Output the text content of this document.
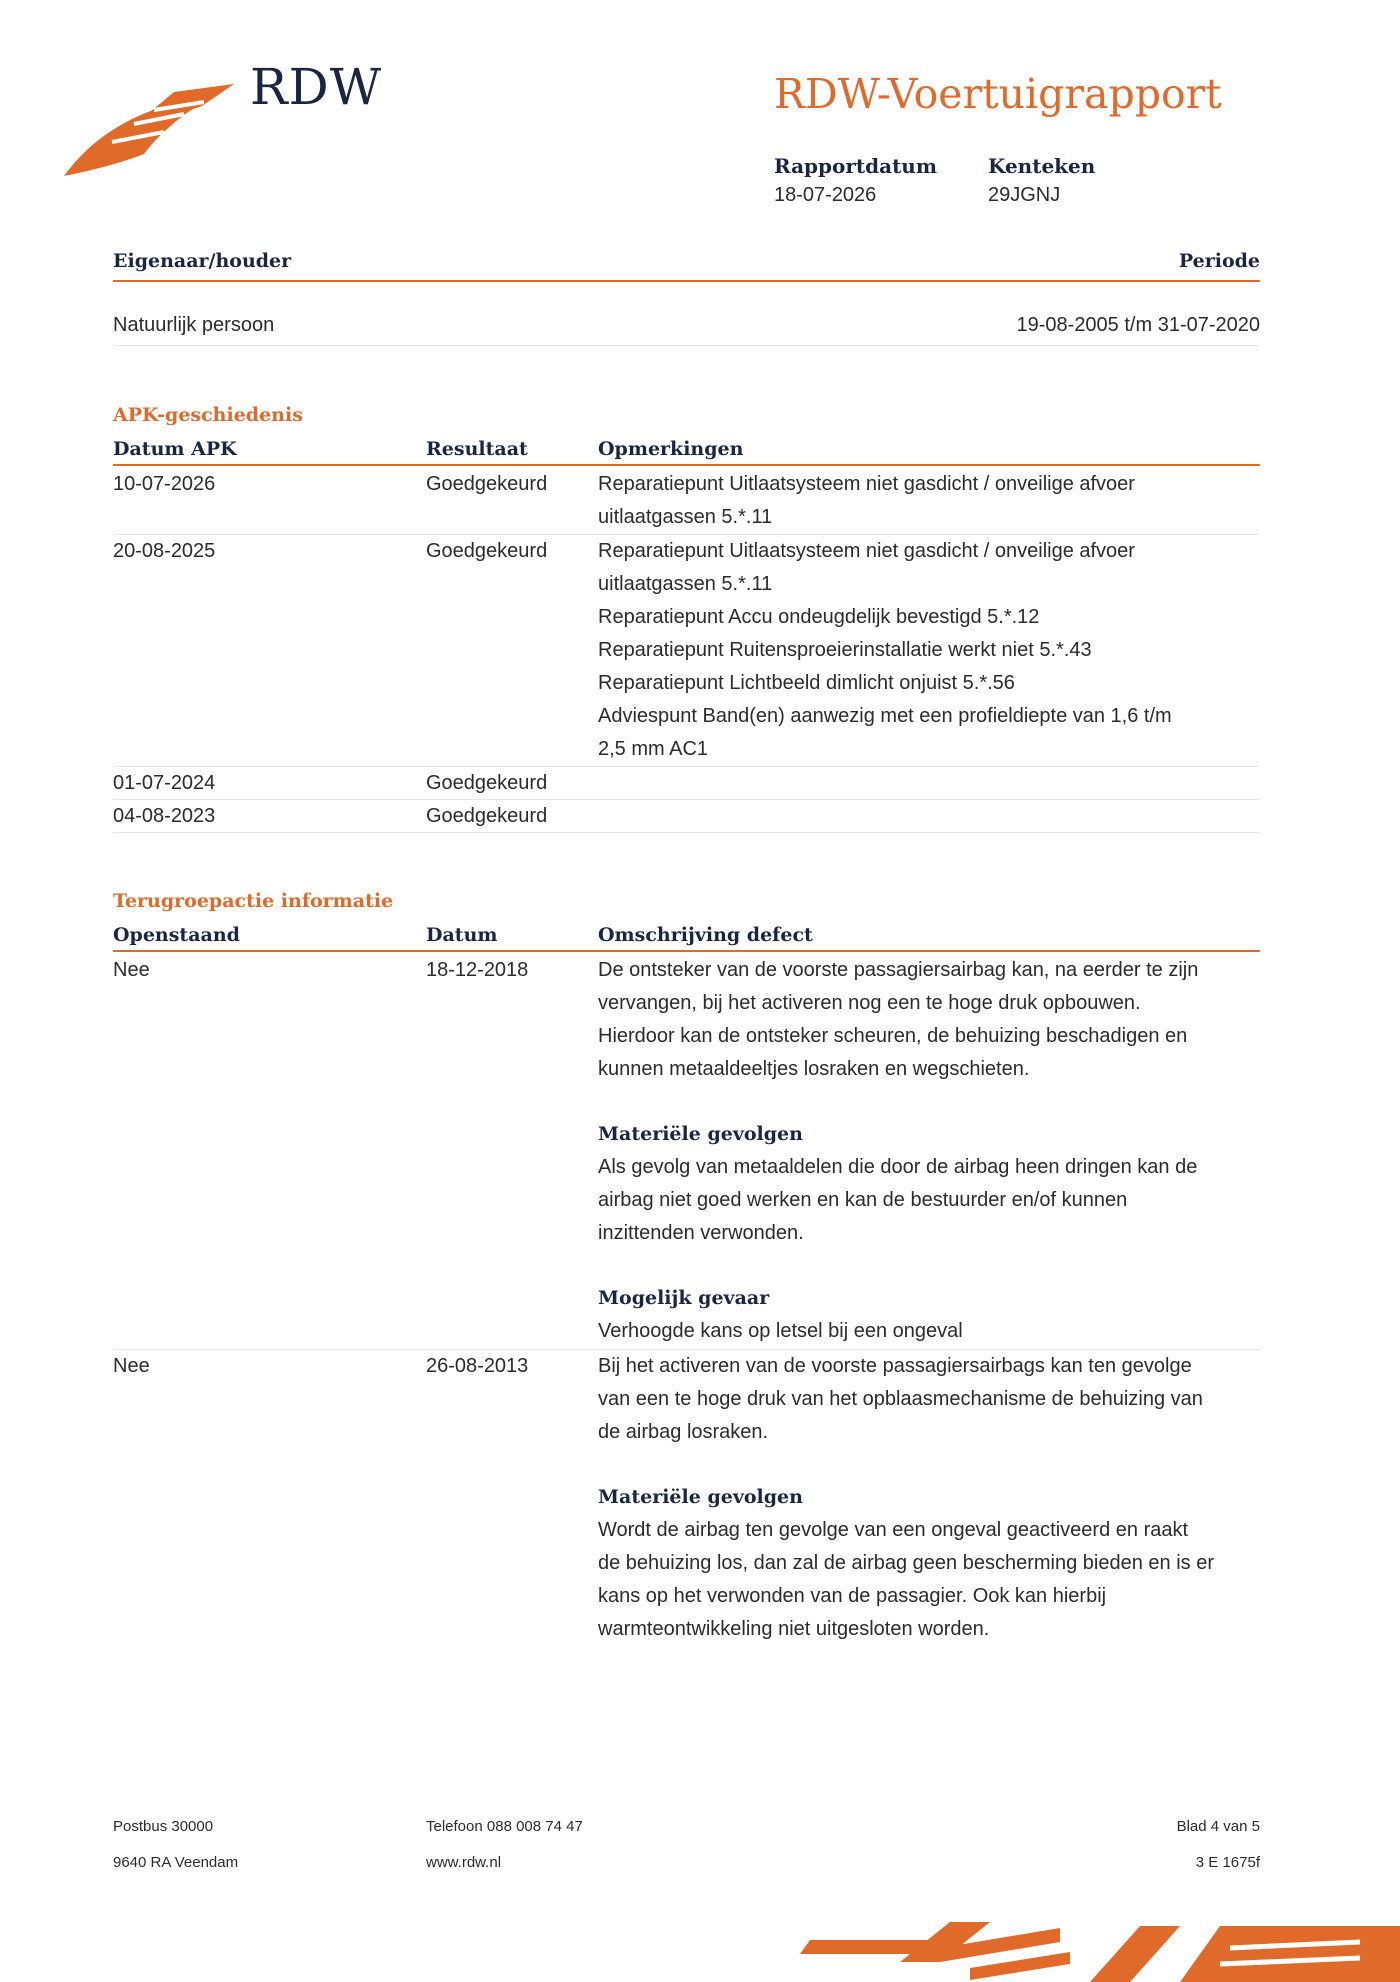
RDW	RDW-Voertuigrapport
Rapportdatum
18-07-2026
Kenteken
29JGNJ
Eigenaar/houder	Periode
Natuurlijk persoon	19-08-2005 t/m 31-07-2020
APK-geschiedenis
Datum APK	Resultaat	Opmerkingen
10-07-2026	Goedgekeurd	Reparatiepunt Uitlaatsysteem niet gasdicht / onveilige afvoer
uitlaatgassen 5.*.11
20-08-2025	Goedgekeurd	Reparatiepunt Uitlaatsysteem niet gasdicht / onveilige afvoer
uitlaatgassen 5.*.11
Reparatiepunt Accu ondeugdelijk bevestigd 5.*.12
Reparatiepunt Ruitensproeierinstallatie werkt niet 5.*.43
Reparatiepunt Lichtbeeld dimlicht onjuist 5.*.56
Adviespunt Band(en) aanwezig met een profieldiepte van 1,6 t/m
2,5 mm AC1
01-07-2024	Goedgekeurd
04-08-2023	Goedgekeurd
Terugroepactie informatie
Openstaand	Datum	Omschrijving defect
Nee	18-12-2018	De ontsteker van de voorste passagiersairbag kan, na eerder te zijn
vervangen, bij het activeren nog een te hoge druk opbouwen.
Hierdoor kan de ontsteker scheuren, de behuizing beschadigen en
kunnen metaaldeeltjes losraken en wegschieten.
Materiële gevolgen
Als gevolg van metaaldelen die door de airbag heen dringen kan de
airbag niet goed werken en kan de bestuurder en/of kunnen
inzittenden verwonden.
Mogelijk gevaar
Verhoogde kans op letsel bij een ongeval
Nee	26-08-2013	Bij het activeren van de voorste passagiersairbags kan ten gevolge
van een te hoge druk van het opblaasmechanisme de behuizing van
de airbag losraken.
Materiële gevolgen
Wordt de airbag ten gevolge van een ongeval geactiveerd en raakt
de behuizing los, dan zal de airbag geen bescherming bieden en is er
kans op het verwonden van de passagier. Ook kan hierbij
warmteontwikkeling niet uitgesloten worden.
Postbus 30000
9640 RA Veendam
Telefoon 088 008 74 47
www.rdw.nl
Blad 4 van 5
3 E 1675f
